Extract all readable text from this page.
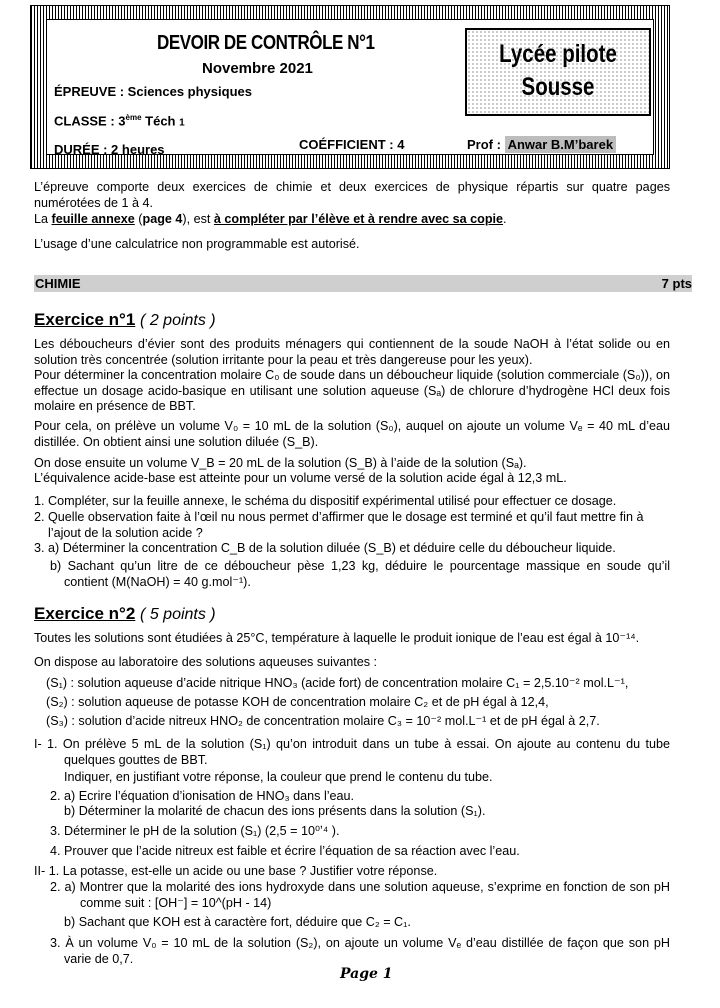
DEVOIR DE CONTRÔLE N°1
Novembre 2021
ÉPREUVE : Sciences physiques
CLASSE : 3ème Téch 1
DURÉE : 2 heures	COÉFFICIENT : 4	Prof : Anwar B.M’barek
Lycée pilote
Sousse
L’épreuve comporte deux exercices de chimie et deux exercices de physique répartis sur quatre pages numérotées de 1 à 4.
La feuille annexe (page 4), est à compléter par l’élève et à rendre avec sa copie.
L’usage d’une calculatrice non programmable est autorisé.
CHIMIE	7 pts
Exercice n°1 ( 2 points )
Les déboucheurs d’évier sont des produits ménagers qui contiennent de la soude NaOH à l’état solide ou en solution très concentrée (solution irritante pour la peau et très dangereuse pour les yeux).
Pour déterminer la concentration molaire C₀ de soude dans un déboucheur liquide (solution commerciale (S₀)), on effectue un dosage acido-basique en utilisant une solution aqueuse (Sₐ) de chlorure d’hydrogène HCl deux fois molaire en présence de BBT.
Pour cela, on prélève un volume V₀ = 10 mL de la solution (S₀), auquel on ajoute un volume Vₑ = 40 mL d’eau distillée. On obtient ainsi une solution diluée (S_B).
On dose ensuite un volume V_B = 20 mL de la solution (S_B) à l’aide de la solution (Sₐ).
L’équivalence acide-base est atteinte pour un volume versé de la solution acide égal à 12,3 mL.
1. Compléter, sur la feuille annexe, le schéma du dispositif expérimental utilisé pour effectuer ce dosage.
2. Quelle observation faite à l’œil nu nous permet d’affirmer que le dosage est terminé et qu’il faut mettre fin à l’ajout de la solution acide ?
3. a) Déterminer la concentration C_B de la solution diluée (S_B) et déduire celle du déboucheur liquide.
b) Sachant qu’un litre de ce déboucheur pèse 1,23 kg, déduire le pourcentage massique en soude qu’il contient (M(NaOH) = 40 g.mol⁻¹).
Exercice n°2 ( 5 points )
Toutes les solutions sont étudiées à 25°C, température à laquelle le produit ionique de l’eau est égal à 10⁻¹⁴.
On dispose au laboratoire des solutions aqueuses suivantes :
(S₁) : solution aqueuse d’acide nitrique HNO₃ (acide fort) de concentration molaire C₁ = 2,5.10⁻² mol.L⁻¹,
(S₂) : solution aqueuse de potasse KOH de concentration molaire C₂ et de pH égal à 12,4,
(S₃) : solution d’acide nitreux HNO₂ de concentration molaire C₃ = 10⁻² mol.L⁻¹ et de pH égal à 2,7.
I- 1. On prélève 5 mL de la solution (S₁) qu’on introduit dans un tube à essai. On ajoute au contenu du tube quelques gouttes de BBT.
Indiquer, en justifiant votre réponse, la couleur que prend le contenu du tube.
2. a) Ecrire l’équation d’ionisation de HNO₃ dans l’eau.
b) Déterminer la molarité de chacun des ions présents dans la solution (S₁).
3. Déterminer le pH de la solution (S₁) (2,5 = 10⁰ʼ⁴ ).
4. Prouver que l’acide nitreux est faible et écrire l’équation de sa réaction avec l’eau.
II- 1. La potasse, est-elle un acide ou une base ? Justifier votre réponse.
2. a) Montrer que la molarité des ions hydroxyde dans une solution aqueuse, s’exprime en fonction de son pH comme suit : [OH⁻] = 10^(pH - 14)
b) Sachant que KOH est à caractère fort, déduire que C₂ = C₁.
3. À un volume V₀ = 10 mL de la solution (S₂), on ajoute un volume Vₑ d’eau distillée de façon que son pH varie de 0,7.
Page 1
